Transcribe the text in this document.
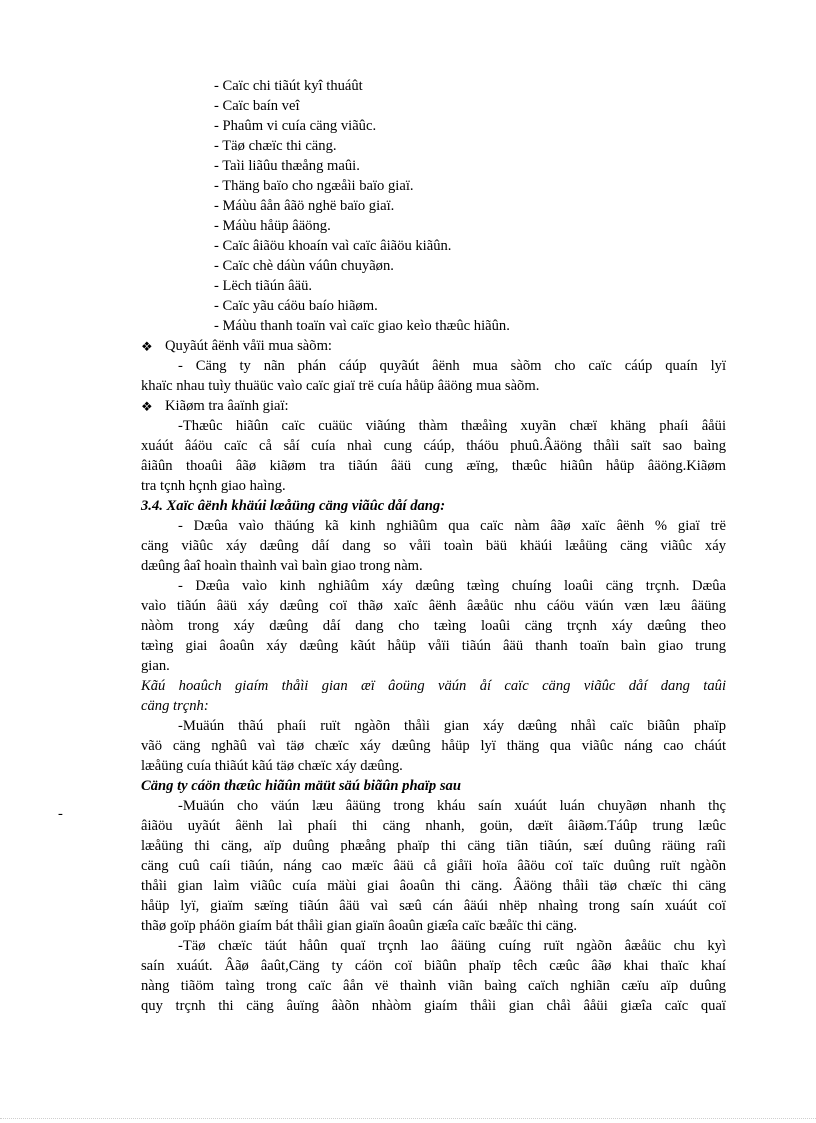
- Caïc chi tiãút kyî thuáût
- Caïc baín veî
- Phaûm vi cuía cäng viãûc.
- Täø chæïc thi cäng.
- Taìi liãûu thæång maûi.
- Thäng baïo cho ngæåìi baïo giaï.
- Máùu âån âãö nghë baïo giaï.
- Máùu håüp âäöng.
- Caïc âiãöu khoaín vaì caïc âiãöu kiãûn.
- Caïc chè dáùn váûn chuyãøn.
- Lëch tiãún âäü.
- Caïc yãu cáöu baío hiãøm.
- Máùu thanh toaïn vaì caïc giao keìo thæûc hiãûn.
❖ Quyãút âënh våïi mua sàõm:
- Cäng ty nãn phán cáúp quyãút âënh mua sàõm cho caïc cáúp quaín lyï
khaïc nhau tuìy thuäüc vaìo caïc giaï trë cuía håüp âäöng mua sàõm.
❖ Kiãøm tra âaïnh giaï:
-Thæûc hiãûn caïc cuäüc viãúng thàm thæåìng xuyãn chæï khäng phaíi âåüi
xuáút âáöu caïc cå såí cuía nhaì cung cáúp, tháöu phuû.Âäöng thåìi saït sao baìng
âiãûn thoaûi âãø kiãøm tra tiãún âäü cung æïng, thæûc hiãûn håüp âäöng.Kiãøm
tra tçnh hçnh giao haìng.
3.4. Xaïc âënh khäúi læåüng cäng viãûc dåí dang:
- Dæûa vaìo thäúng kã kinh nghiãûm qua caïc nàm âãø xaïc âënh % giaï trë
cäng viãûc xáy dæûng dåí dang so våïi toaìn bäü khäúi læåüng cäng viãûc xáy
dæûng âaî hoaìn thaình vaì baìn giao trong nàm.
- Dæûa vaìo kinh nghiãûm xáy dæûng tæìng chuíng loaûi cäng trçnh. Dæûa
vaìo tiãún âäü xáy dæûng coï thãø xaïc âënh âæåüc nhu cáöu väún væn læu âäüng
nàòm trong xáy dæûng dåí dang cho tæìng loaûi cäng trçnh xáy dæûng theo
tæìng giai âoaûn xáy dæûng kãút håüp våïi tiãún âäü thanh toaïn baìn giao trung
gian.
Kãú hoaûch giaím thåìi gian æï âoüng väún åí caïc cäng viãûc dåí dang taûi
cäng trçnh:
-Muäún thãú phaíi ruït ngàõn thåìi gian xáy dæûng nhåì caïc biãûn phaïp
vãö cäng nghãû vaì täø chæïc xáy dæûng håüp lyï thäng qua viãûc náng cao cháút
læåüng cuía thiãút kãú täø chæïc xáy dæûng.
Cäng ty cáön thæûc hiãûn mäüt säú biãûn phaïp sau
-Muäún cho väún læu âäüng trong kháu saín xuáút luán chuyãøn nhanh thç
âiãöu uyãút âënh laì phaíi thi cäng nhanh, goün, dæït âiãøm.Táûp trung læûc
læåüng thi cäng, aïp duûng phæång phaïp thi cäng tiãn tiãún, sæí duûng räüng raîi
cäng cuû caíi tiãún, náng cao mæïc âäü cå giåïi hoïa âãöu coï taïc duûng ruït ngàõn
thåìi gian laìm viãûc cuía mäùi giai âoaûn thi cäng. Âäöng thåìi täø chæïc thi cäng
håüp lyï, giaïm sæïng tiãún âäü vaì sæû cán âäúi nhëp nhaìng trong saín xuáút coï
thãø goïp pháön giaím bát thåìi gian giaïn âoaûn giæîa caïc bæåïc thi cäng.
-Täø chæïc täút håûn quaï trçnh lao âäüng cuíng ruït ngàõn âæåüc chu kyì
saín xuáút. Âãø âaût,Cäng ty cáön coï biãûn phaïp têch cæûc âãø khai thaïc khaí
nàng tiãöm taìng trong caïc âån vë thaình viãn baìng caïch nghiãn cæïu aïp duûng
quy trçnh thi cäng âuïng âàõn nhàòm giaím thåìi gian chåì âåüi giæîa caïc quaï
-
